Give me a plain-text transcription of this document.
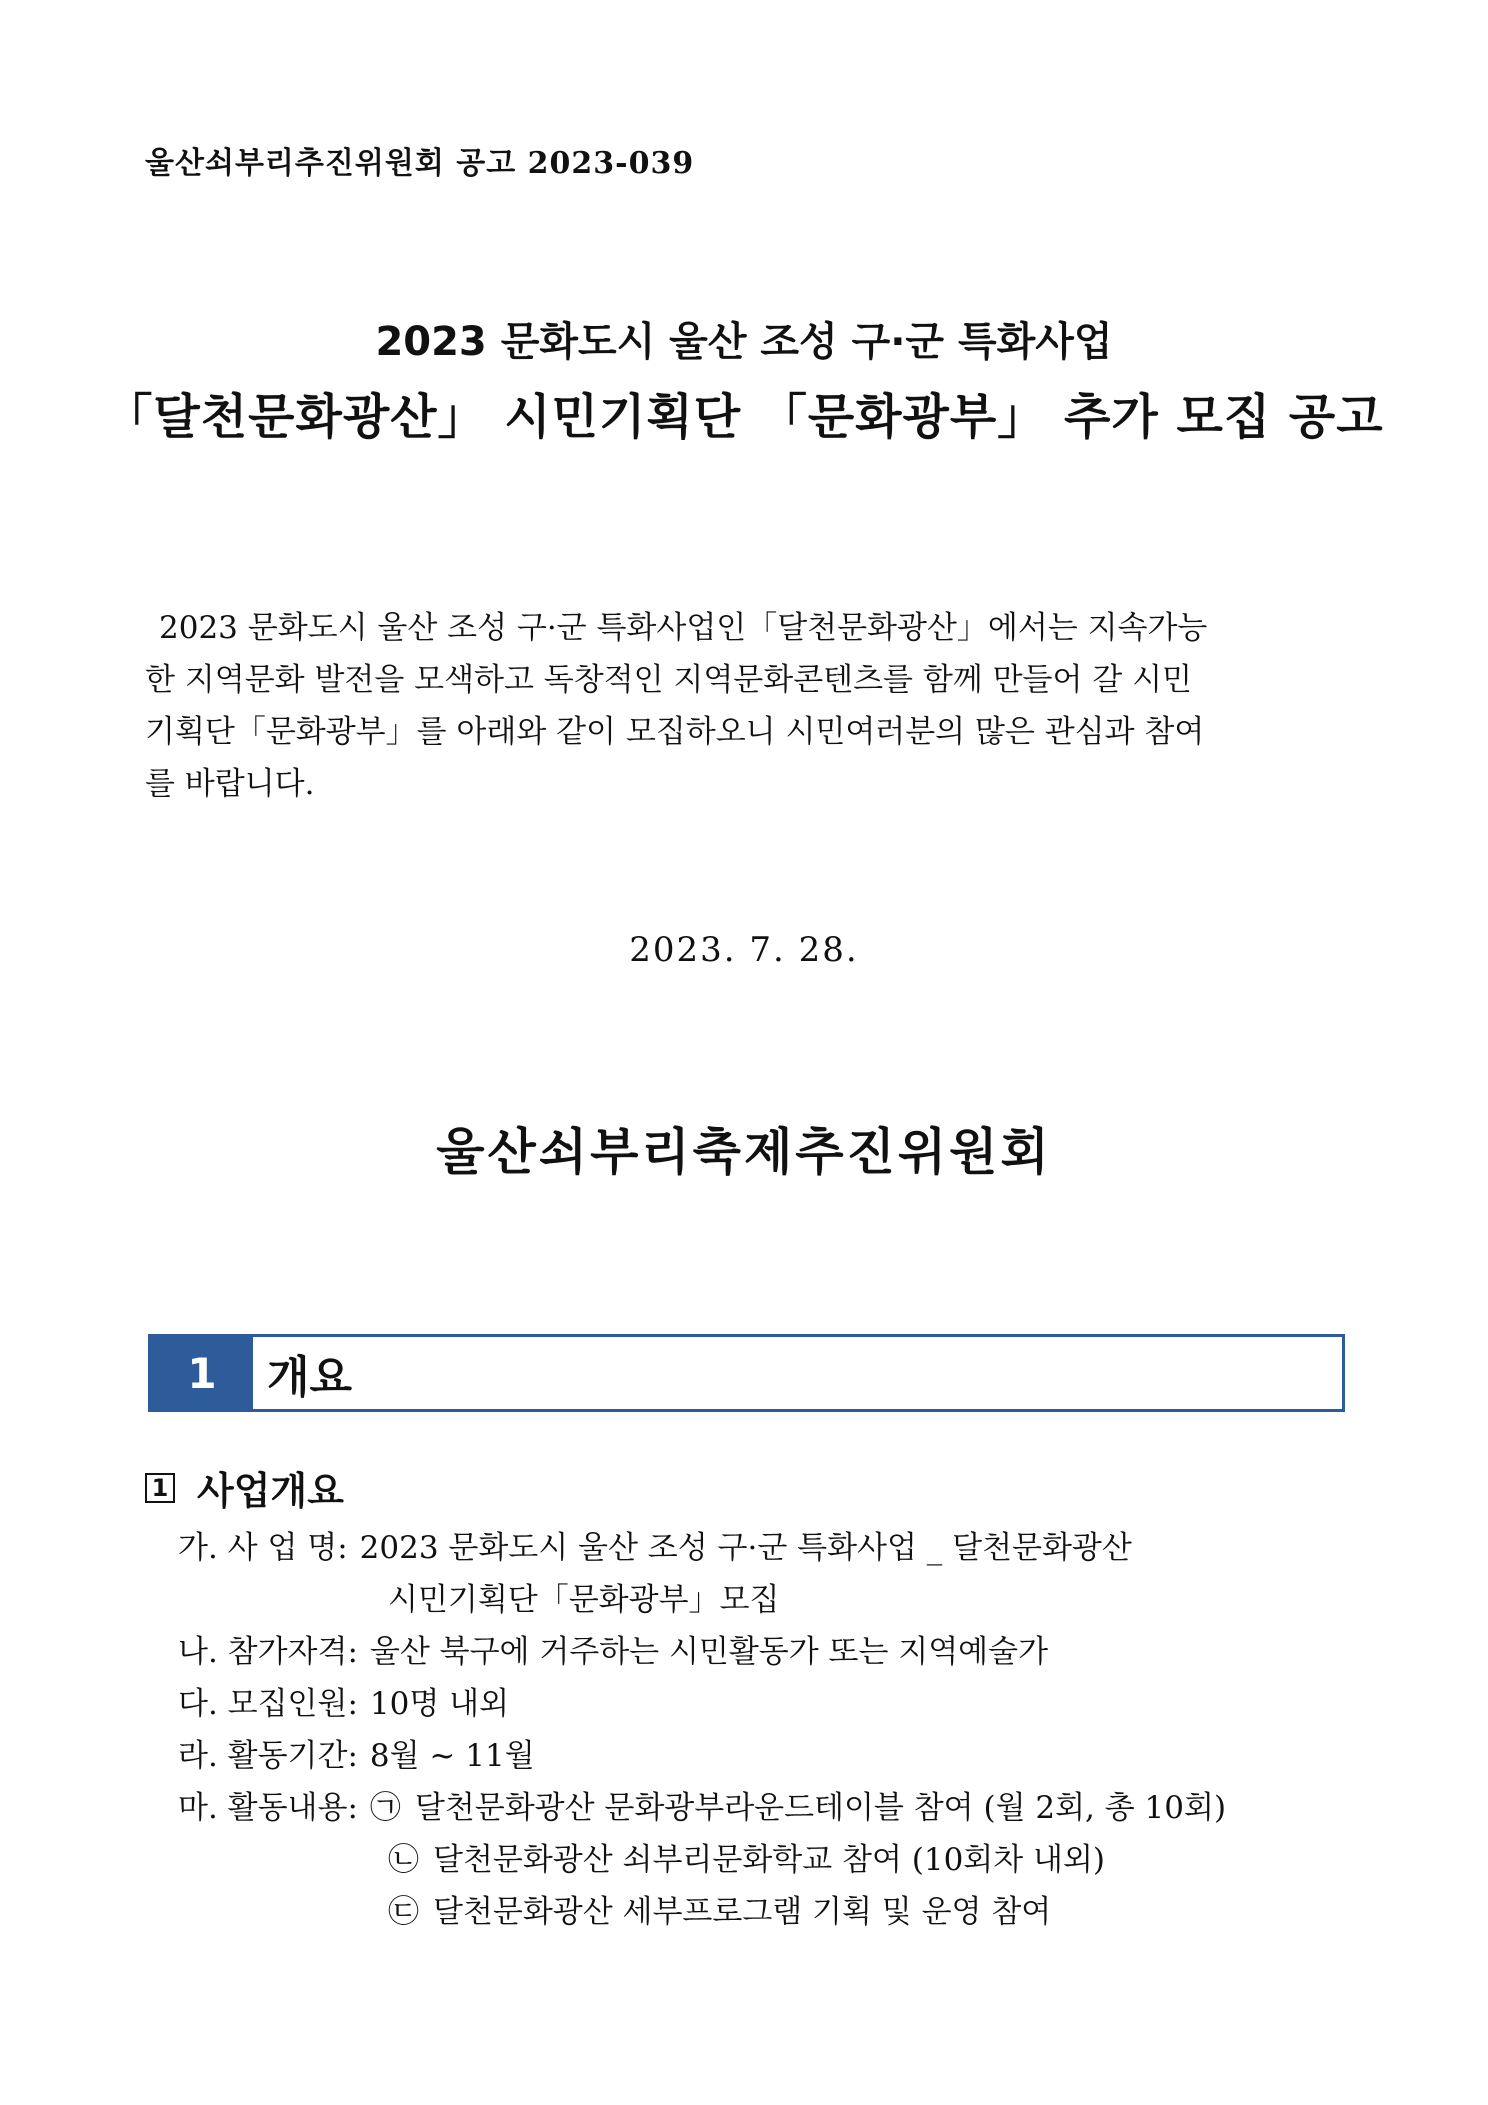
울산쇠부리추진위원회 공고 2023-039
2023 문화도시 울산 조성 구·군 특화사업
「달천문화광산」 시민기획단 「문화광부」 추가 모집 공고
2023 문화도시 울산 조성 구·군 특화사업인「달천문화광산」에서는 지속가능
한 지역문화 발전을 모색하고 독창적인 지역문화콘텐츠를 함께 만들어 갈 시민
기획단「문화광부」를 아래와 같이 모집하오니 시민여러분의 많은 관심과 참여
를 바랍니다.
2023. 7. 28.
울산쇠부리축제추진위원회
1	개요
1 사업개요
가. 사 업 명: 2023 문화도시 울산 조성 구·군 특화사업 _ 달천문화광산
시민기획단「문화광부」모집
나. 참가자격: 울산 북구에 거주하는 시민활동가 또는 지역예술가
다. 모집인원: 10명 내외
라. 활동기간: 8월 ~ 11월
마. 활동내용: ㉠ 달천문화광산 문화광부라운드테이블 참여 (월 2회, 총 10회)
㉡ 달천문화광산 쇠부리문화학교 참여 (10회차 내외)
㉢ 달천문화광산 세부프로그램 기획 및 운영 참여
